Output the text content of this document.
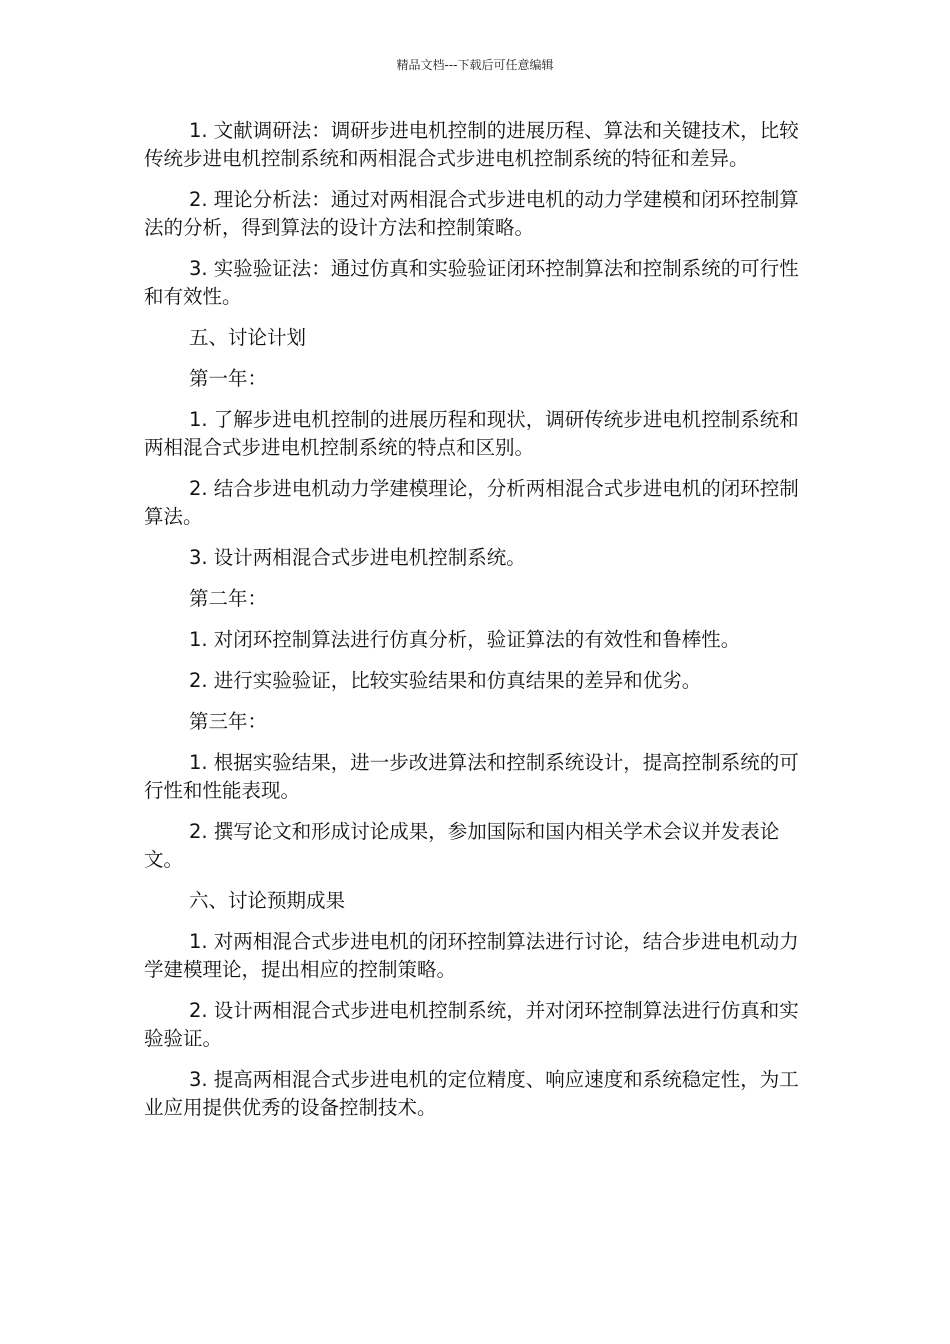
精品文档---下载后可任意编辑

1. 文献调研法：调研步进电机控制的进展历程、算法和关键技术，比较传统步进电机控制系统和两相混合式步进电机控制系统的特征和差异。

2. 理论分析法：通过对两相混合式步进电机的动力学建模和闭环控制算法的分析，得到算法的设计方法和控制策略。

3. 实验验证法：通过仿真和实验验证闭环控制算法和控制系统的可行性和有效性。

五、讨论计划

第一年：

1. 了解步进电机控制的进展历程和现状，调研传统步进电机控制系统和两相混合式步进电机控制系统的特点和区别。

2. 结合步进电机动力学建模理论，分析两相混合式步进电机的闭环控制算法。

3. 设计两相混合式步进电机控制系统。

第二年：

1. 对闭环控制算法进行仿真分析，验证算法的有效性和鲁棒性。

2. 进行实验验证，比较实验结果和仿真结果的差异和优劣。

第三年：

1. 根据实验结果，进一步改进算法和控制系统设计，提高控制系统的可行性和性能表现。

2. 撰写论文和形成讨论成果，参加国际和国内相关学术会议并发表论文。

六、讨论预期成果

1. 对两相混合式步进电机的闭环控制算法进行讨论，结合步进电机动力学建模理论，提出相应的控制策略。

2. 设计两相混合式步进电机控制系统，并对闭环控制算法进行仿真和实验验证。

3. 提高两相混合式步进电机的定位精度、响应速度和系统稳定性，为工业应用提供优秀的设备控制技术。
